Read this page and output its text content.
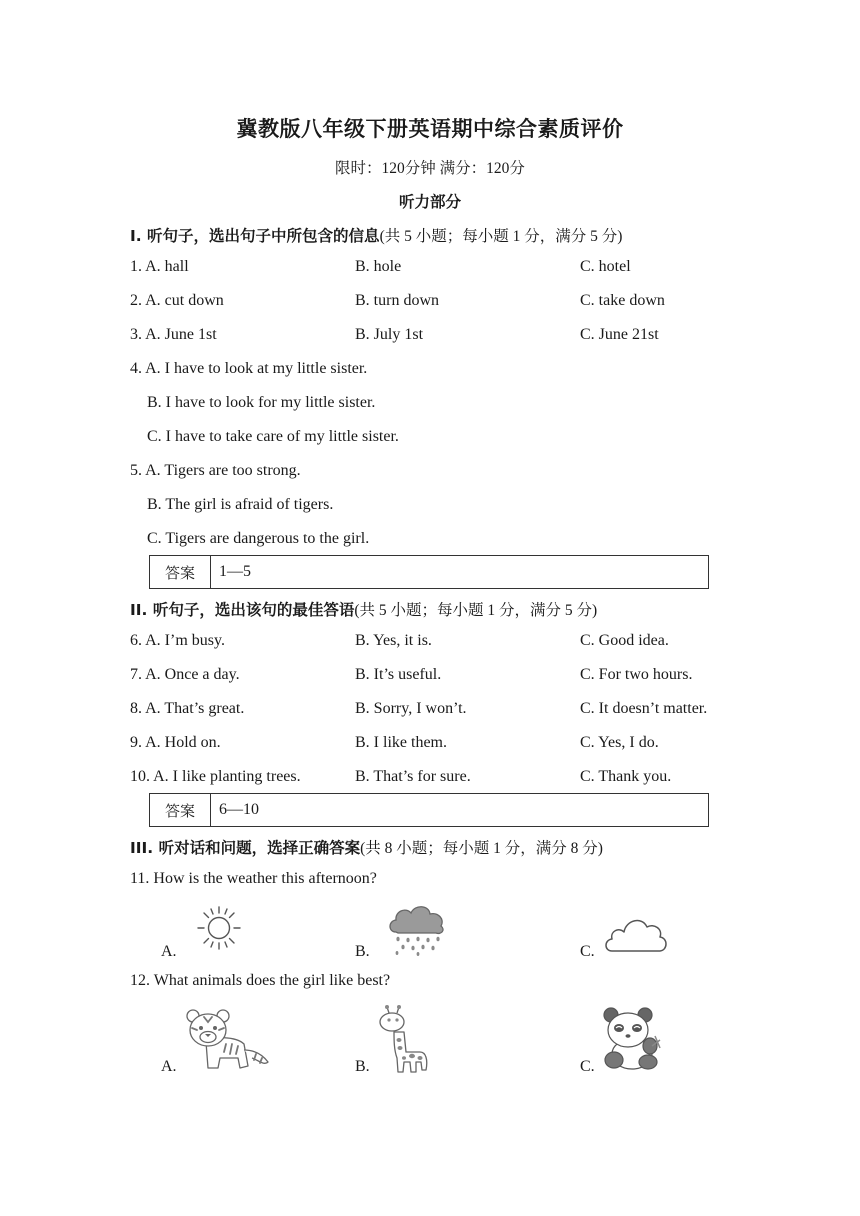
冀教版八年级下册英语期中综合素质评价
限时：120分钟 满分：120分
听力部分
I. 听句子，选出句子中所包含的信息(共 5 小题；每小题 1 分，满分 5 分)
1. A. hall	B. hole	C. hotel
2. A. cut down	B. turn down	C. take down
3. A. June 1st	B. July 1st	C. June 21st
4. A. I have to look at my little sister.
B. I have to look for my little sister.
C. I have to take care of my little sister.
5. A. Tigers are too strong.
B. The girl is afraid of tigers.
C. Tigers are dangerous to the girl.
答案	1—5
II. 听句子，选出该句的最佳答语(共 5 小题；每小题 1 分，满分 5 分)
6. A. I’m busy.	B. Yes, it is.	C. Good idea.
7. A. Once a day.	B. It’s useful.	C. For two hours.
8. A. That’s great.	B. Sorry, I won’t.	C. It doesn’t matter.
9. A. Hold on.	B. I like them.	C. Yes, I do.
10. A. I like planting trees.	B. That’s for sure.	C. Thank you.
答案	6—10
III. 听对话和问题，选择正确答案(共 8 小题；每小题 1 分，满分 8 分)
11. How is the weather this afternoon?
A.	B.	C.
12. What animals does the girl like best?
A.	B.	C.
